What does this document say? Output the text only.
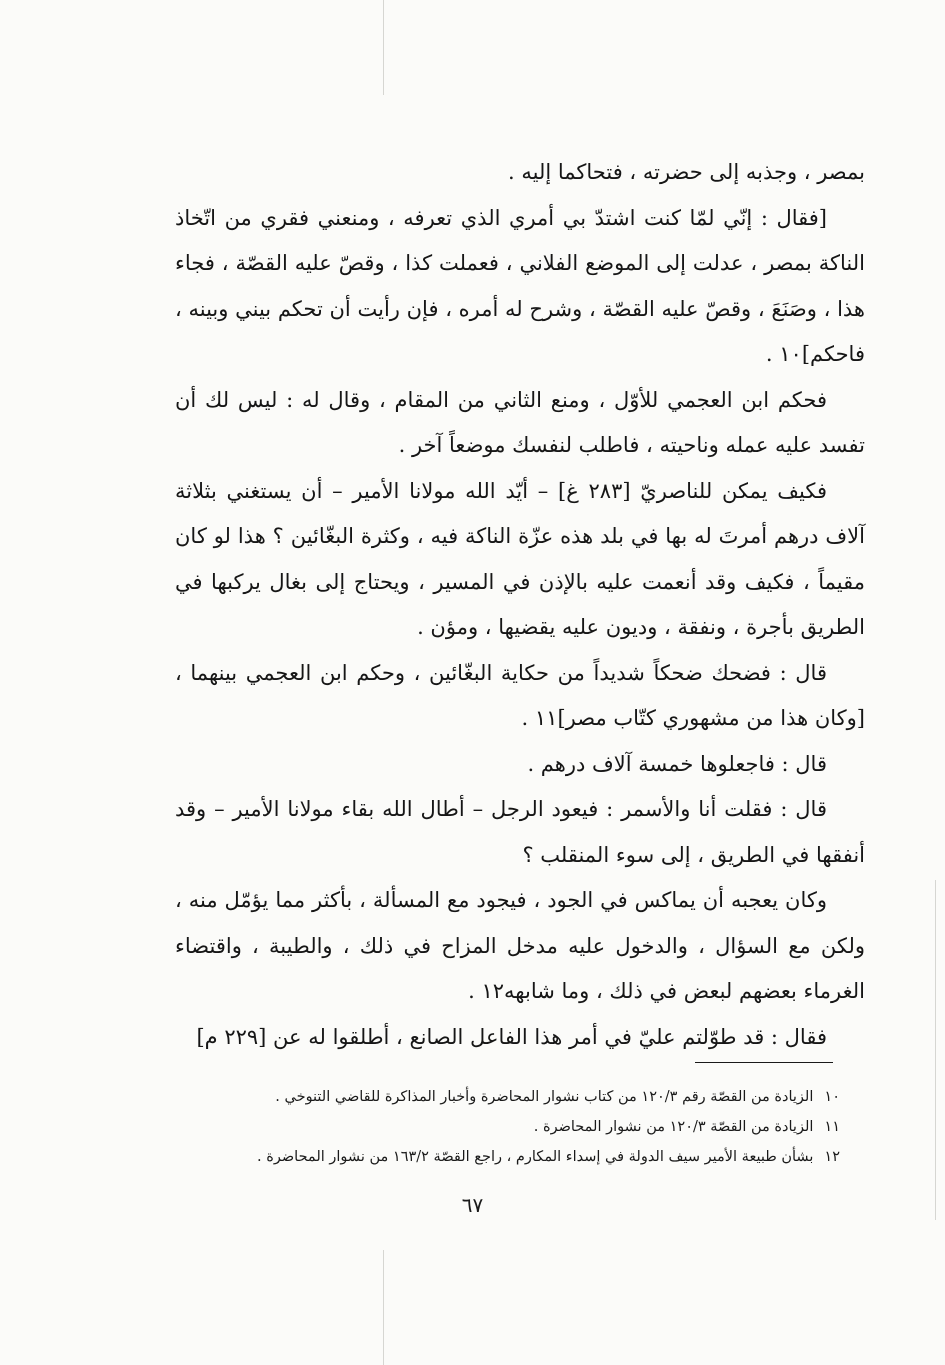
بمصر ، وجذبه إلى حضرته ، فتحاكما إليه .

[فقال : إنّي لمّا كنت اشتدّ بي أمري الذي تعرفه ، ومنعني فقري من اتّخاذ الناكة بمصر ، عدلت إلى الموضع الفلاني ، فعملت كذا ، وقصّ عليه القصّة ، فجاء هذا ، وصَنَعَ ، وقصّ عليه القصّة ، وشرح له أمره ، فإن رأيت أن تحكم بيني وبينه ، فاحكم]١٠ .

فحكم ابن العجمي للأوّل ، ومنع الثاني من المقام ، وقال له : ليس لك أن تفسد عليه عمله وناحيته ، فاطلب لنفسك موضعاً آخر .

فكيف يمكن للناصريّ [٢٨٣ غ] – أيّد الله مولانا الأمير – أن يستغني بثلاثة آلاف درهم أمرتَ له بها في بلد هذه عزّة الناكة فيه ، وكثرة البغّائين ؟ هذا لو كان مقيماً ، فكيف وقد أنعمت عليه بالإذن في المسير ، ويحتاج إلى بغال يركبها في الطريق بأجرة ، ونفقة ، وديون عليه يقضيها ، ومؤن .

قال : فضحك ضحكاً شديداً من حكاية البغّائين ، وحكم ابن العجمي بينهما ، [وكان هذا من مشهوري كتّاب مصر]١١ .

قال : فاجعلوها خمسة آلاف درهم .

قال : فقلت أنا والأسمر : فيعود الرجل – أطال الله بقاء مولانا الأمير – وقد أنفقها في الطريق ، إلى سوء المنقلب ؟

وكان يعجبه أن يماكس في الجود ، فيجود مع المسألة ، بأكثر مما يؤمّل منه ، ولكن مع السؤال ، والدخول عليه مدخل المزاح في ذلك ، والطيبة ، واقتضاء الغرماء بعضهم لبعض في ذلك ، وما شابهه١٢ .

فقال : قد طوّلتم عليّ في أمر هذا الفاعل الصانع ، أطلقوا له عن [٢٢٩ م]

١٠ الزيادة من القصّة رقم ١٢٠/٣ من كتاب نشوار المحاضرة وأخبار المذاكرة للقاضي التنوخي .

١١ الزيادة من القصّة ١٢٠/٣ من نشوار المحاضرة .

١٢ بشأن طبيعة الأمير سيف الدولة في إسداء المكارم ، راجع القصّة ١٦٣/٢ من نشوار المحاضرة .

٦٧
